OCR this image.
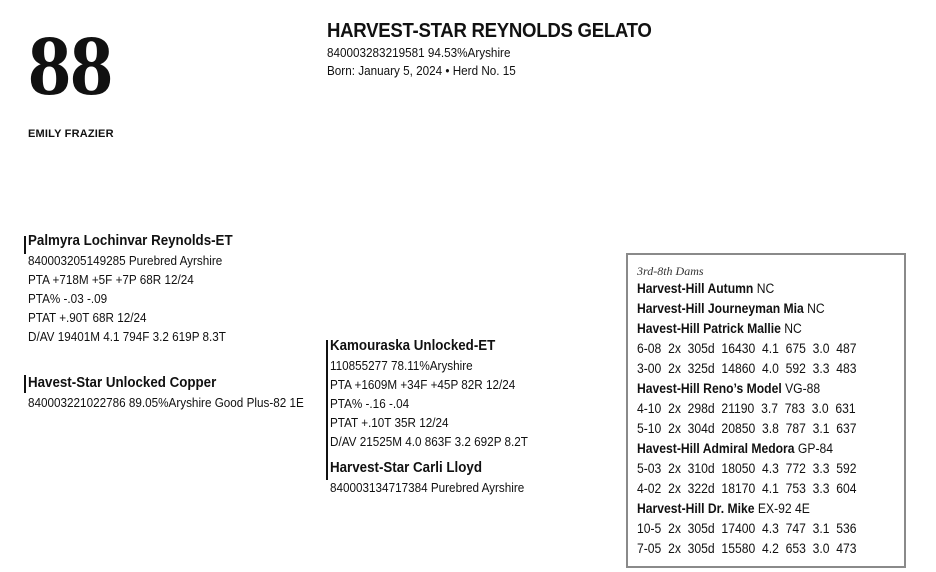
88
EMILY FRAZIER
HARVEST-STAR REYNOLDS GELATO
840003283219581 94.53%Aryshire
Born: January 5, 2024 • Herd No. 15
Palmyra Lochinvar Reynolds-ET
840003205149285 Purebred Ayrshire
PTA +718M +5F +7P 68R 12/24
PTA% -.03 -.09
PTAT +.90T 68R 12/24
D/AV 19401M 4.1 794F 3.2 619P 8.3T
Havest-Star Unlocked Copper
840003221022786 89.05%Aryshire Good Plus-82 1E
Kamouraska Unlocked-ET
110855277 78.11%Aryshire
PTA +1609M +34F +45P 82R 12/24
PTA% -.16 -.04
PTAT +.10T 35R 12/24
D/AV 21525M 4.0 863F 3.2 692P 8.2T
Harvest-Star Carli Lloyd
840003134717384 Purebred Ayrshire
3rd-8th Dams
Harvest-Hill Autumn NC
Harvest-Hill Journeyman Mia NC
Havest-Hill Patrick Mallie NC
6-08  2x  305d  16430  4.1  675  3.0  487
3-00  2x  325d  14860  4.0  592  3.3  483
Havest-Hill Reno’s Model VG-88
4-10  2x  298d  21190  3.7  783  3.0  631
5-10  2x  304d  20850  3.8  787  3.1  637
Havest-Hill Admiral Medora GP-84
5-03  2x  310d  18050  4.3  772  3.3  592
4-02  2x  322d  18170  4.1  753  3.3  604
Harvest-Hill Dr. Mike EX-92 4E
10-5  2x  305d  17400  4.3  747  3.1  536
7-05  2x  305d  15580  4.2  653  3.0  473
